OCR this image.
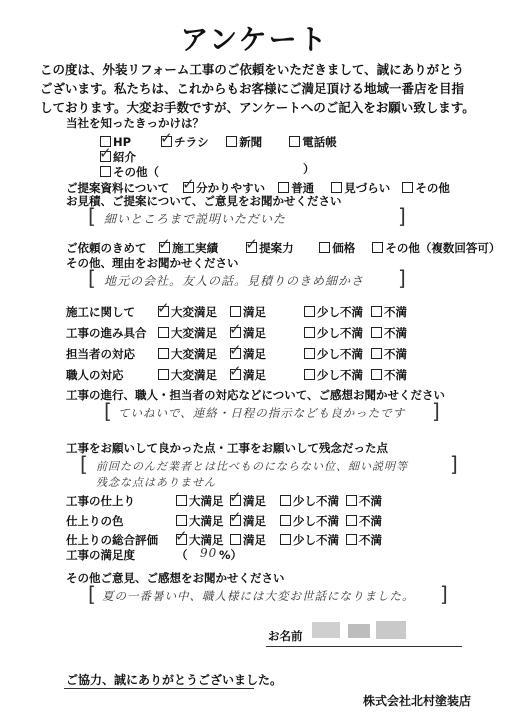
アンケート
この度は、外装リフォーム工事のご依頼をいただきまして、誠にありがとう
ございます。私たちは、これからもお客様にご満足頂ける地域一番店を目指
しております。大変お手数ですが、アンケートへのご記入をお願い致します。
当社を知ったきっかけは？
HP ✓	チラシ	新聞	電話帳
✓紹介
その他（	）
ご提案資料について ✓ 分かりやすい 普通	見づらい その他
お見積、ご提案について、ご意見をお聞かせください
[ 細いところまで説明いただいた	]
ご依頼のきめて ✓ 施工実績 ✓	提案力	価格	その他（複数回答可）
その他、理由をお聞かせください
[ 地元の会社。友人の話。見積りのきめ細かさ ]
施工に関して ✓	大変満足	満足	少し不満	不満
工事の進み具合	大変満足 ✓	満足	少し不満	不満
担当者の対応	大変満足 ✓	満足	少し不満	不満
職人の対応	大変満足 ✓	満足	少し不満	不満
工事の進行、職人・担当者の対応などについて、ご感想お聞かせください
[ ていねいで、連絡・日程の指示なども良かったです ]
工事をお願いして良かった点・工事をお願いして残念だった点
[ 前回たのんだ業者とは比べものにならない位、細い説明等
残念な点はありません
]
工事の仕上り	大満足 ✓	満足	少し不満	不満
仕上りの色	大満足 ✓	満足	少し不満	不満
仕上りの総合評価 ✓	大満足	満足	少し不満	不満
工事の満足度	（ 90 %）
その他ご意見、ご感想をお聞かせください
[ 夏の一番暑い中、職人様には大変お世話になりました。 ]
お名前
ご協力、誠にありがとうございました。
株式会社北村塗装店
